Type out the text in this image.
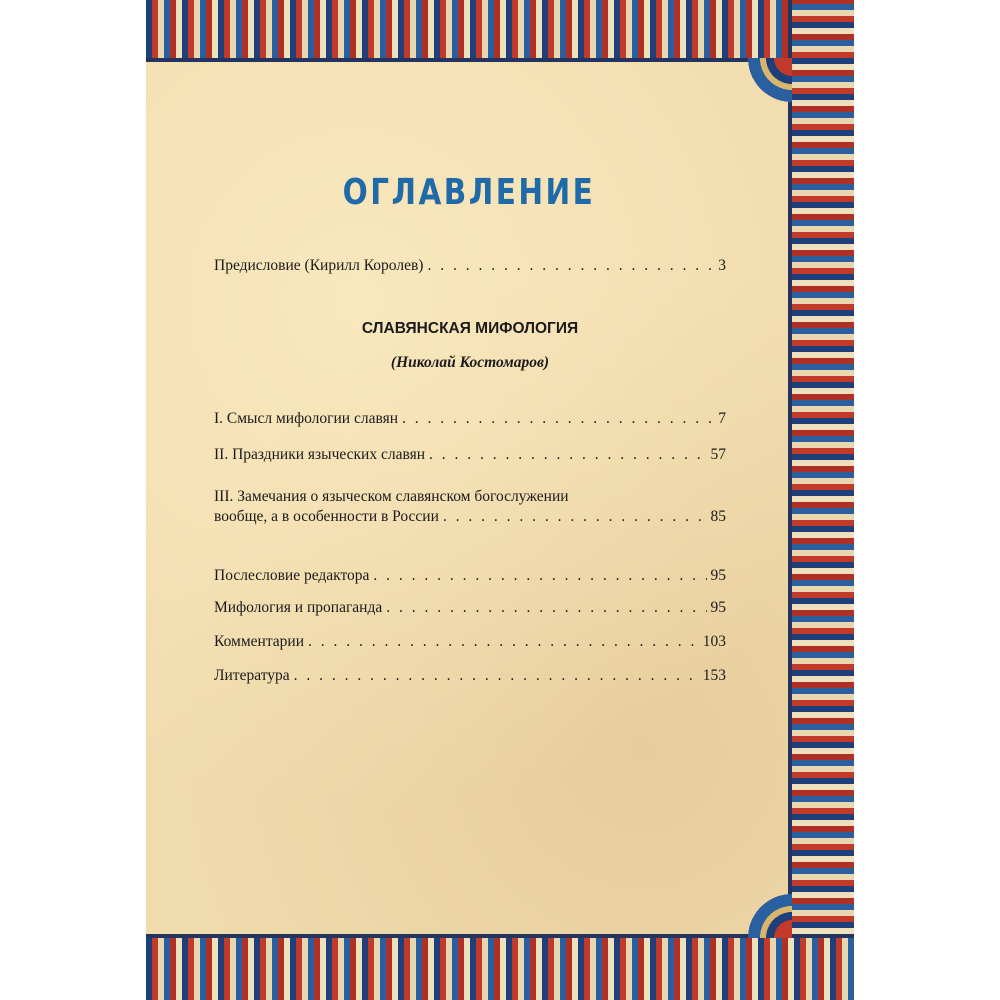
ОГЛАВЛЕНИЕ
Предисловие (Кирилл Королев) . . .	3
СЛАВЯНСКАЯ МИФОЛОГИЯ
(Николай Костомаров)
I. Смысл мифологии славян . . .	7
II. Праздники языческих славян . . .	57
III. Замечания о языческом славянском богослужении
вообще, а в особенности в России . . .	85
Послесловие редактора . . .	95
Мифология и пропаганда . . .	95
Комментарии . . .	103
Литература . . .	153
